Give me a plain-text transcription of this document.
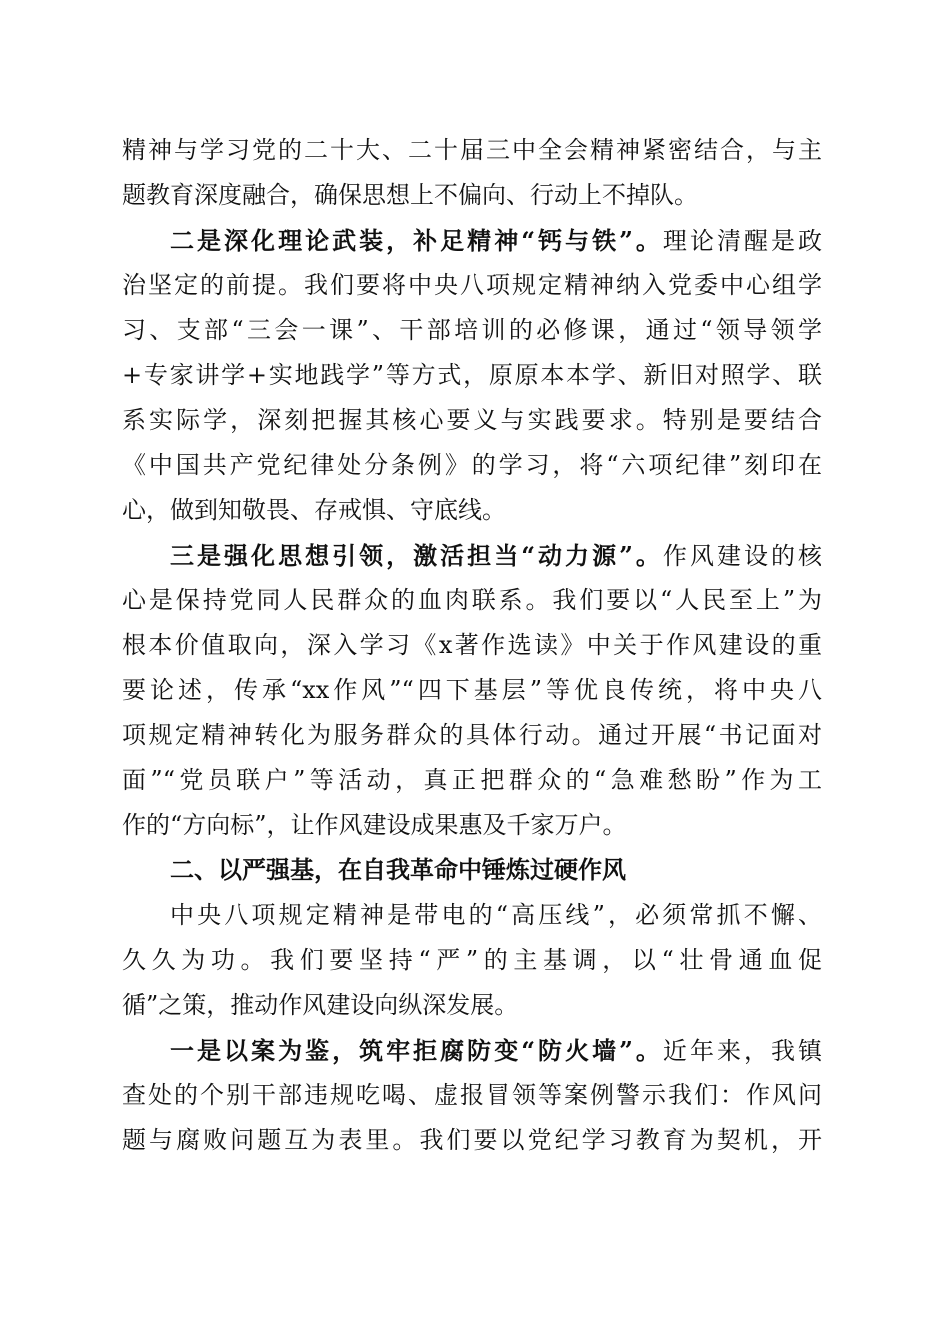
精神与学习党的二十大、二十届三中全会精神紧密结合，与主
题教育深度融合，确保思想上不偏向、行动上不掉队。
二是深化理论武装，补足精神“钙与铁”。理论清醒是政
治坚定的前提。我们要将中央八项规定精神纳入党委中心组学
习、支部“三会一课”、干部培训的必修课，通过“领导领学
+专家讲学+实地践学”等方式，原原本本学、新旧对照学、联
系实际学，深刻把握其核心要义与实践要求。特别是要结合
《中国共产党纪律处分条例》的学习，将“六项纪律”刻印在
心，做到知敬畏、存戒惧、守底线。
三是强化思想引领，激活担当“动力源”。作风建设的核
心是保持党同人民群众的血肉联系。我们要以“人民至上”为
根本价值取向，深入学习《x著作选读》中关于作风建设的重
要论述，传承“xx作风”“四下基层”等优良传统，将中央八
项规定精神转化为服务群众的具体行动。通过开展“书记面对
面”“党员联户”等活动，真正把群众的“急难愁盼”作为工
作的“方向标”，让作风建设成果惠及千家万户。
二、以严强基，在自我革命中锤炼过硬作风
中央八项规定精神是带电的“高压线”，必须常抓不懈、
久久为功。我们要坚持“严”的主基调，以“壮骨通血促
循”之策，推动作风建设向纵深发展。
一是以案为鉴，筑牢拒腐防变“防火墙”。近年来，我镇
查处的个别干部违规吃喝、虚报冒领等案例警示我们：作风问
题与腐败问题互为表里。我们要以党纪学习教育为契机，开
